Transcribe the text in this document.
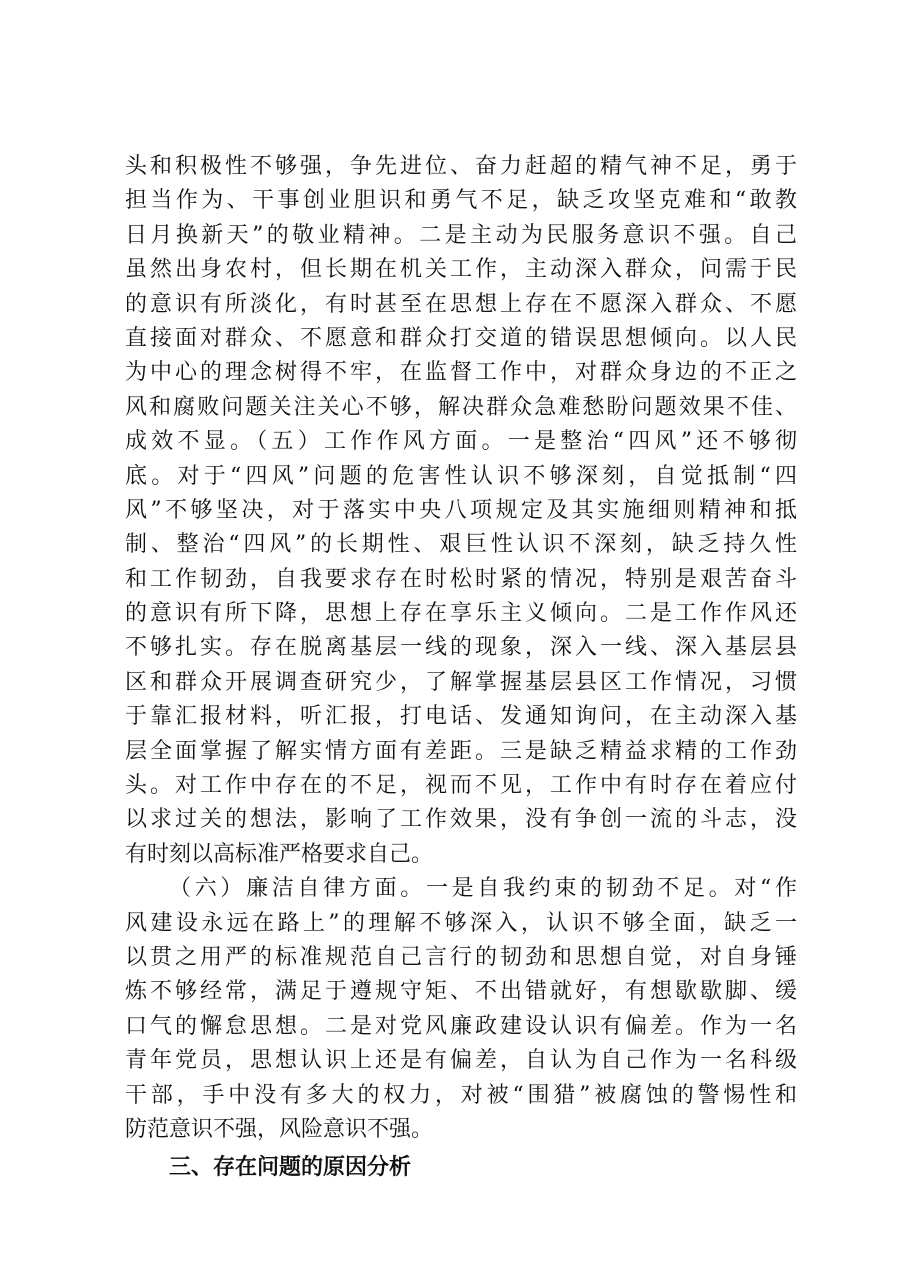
头和积极性不够强，争先进位、奋力赶超的精气神不足，勇于
担当作为、干事创业胆识和勇气不足，缺乏攻坚克难和“敢教
日月换新天”的敬业精神。二是主动为民服务意识不强。自己
虽然出身农村，但长期在机关工作，主动深入群众，问需于民
的意识有所淡化，有时甚至在思想上存在不愿深入群众、不愿
直接面对群众、不愿意和群众打交道的错误思想倾向。以人民
为中心的理念树得不牢，在监督工作中，对群众身边的不正之
风和腐败问题关注关心不够，解决群众急难愁盼问题效果不佳、
成效不显。（五）工作作风方面。一是整治“四风”还不够彻
底。对于“四风”问题的危害性认识不够深刻，自觉抵制“四
风”不够坚决，对于落实中央八项规定及其实施细则精神和抵
制、整治“四风”的长期性、艰巨性认识不深刻，缺乏持久性
和工作韧劲，自我要求存在时松时紧的情况，特别是艰苦奋斗
的意识有所下降，思想上存在享乐主义倾向。二是工作作风还
不够扎实。存在脱离基层一线的现象，深入一线、深入基层县
区和群众开展调查研究少，了解掌握基层县区工作情况，习惯
于靠汇报材料，听汇报，打电话、发通知询问，在主动深入基
层全面掌握了解实情方面有差距。三是缺乏精益求精的工作劲
头。对工作中存在的不足，视而不见，工作中有时存在着应付
以求过关的想法，影响了工作效果，没有争创一流的斗志，没
有时刻以高标准严格要求自己。
（六）廉洁自律方面。一是自我约束的韧劲不足。对“作
风建设永远在路上”的理解不够深入，认识不够全面，缺乏一
以贯之用严的标准规范自己言行的韧劲和思想自觉，对自身锤
炼不够经常，满足于遵规守矩、不出错就好，有想歇歇脚、缓
口气的懈怠思想。二是对党风廉政建设认识有偏差。作为一名
青年党员，思想认识上还是有偏差，自认为自己作为一名科级
干部，手中没有多大的权力，对被“围猎”被腐蚀的警惕性和
防范意识不强，风险意识不强。
三、存在问题的原因分析
